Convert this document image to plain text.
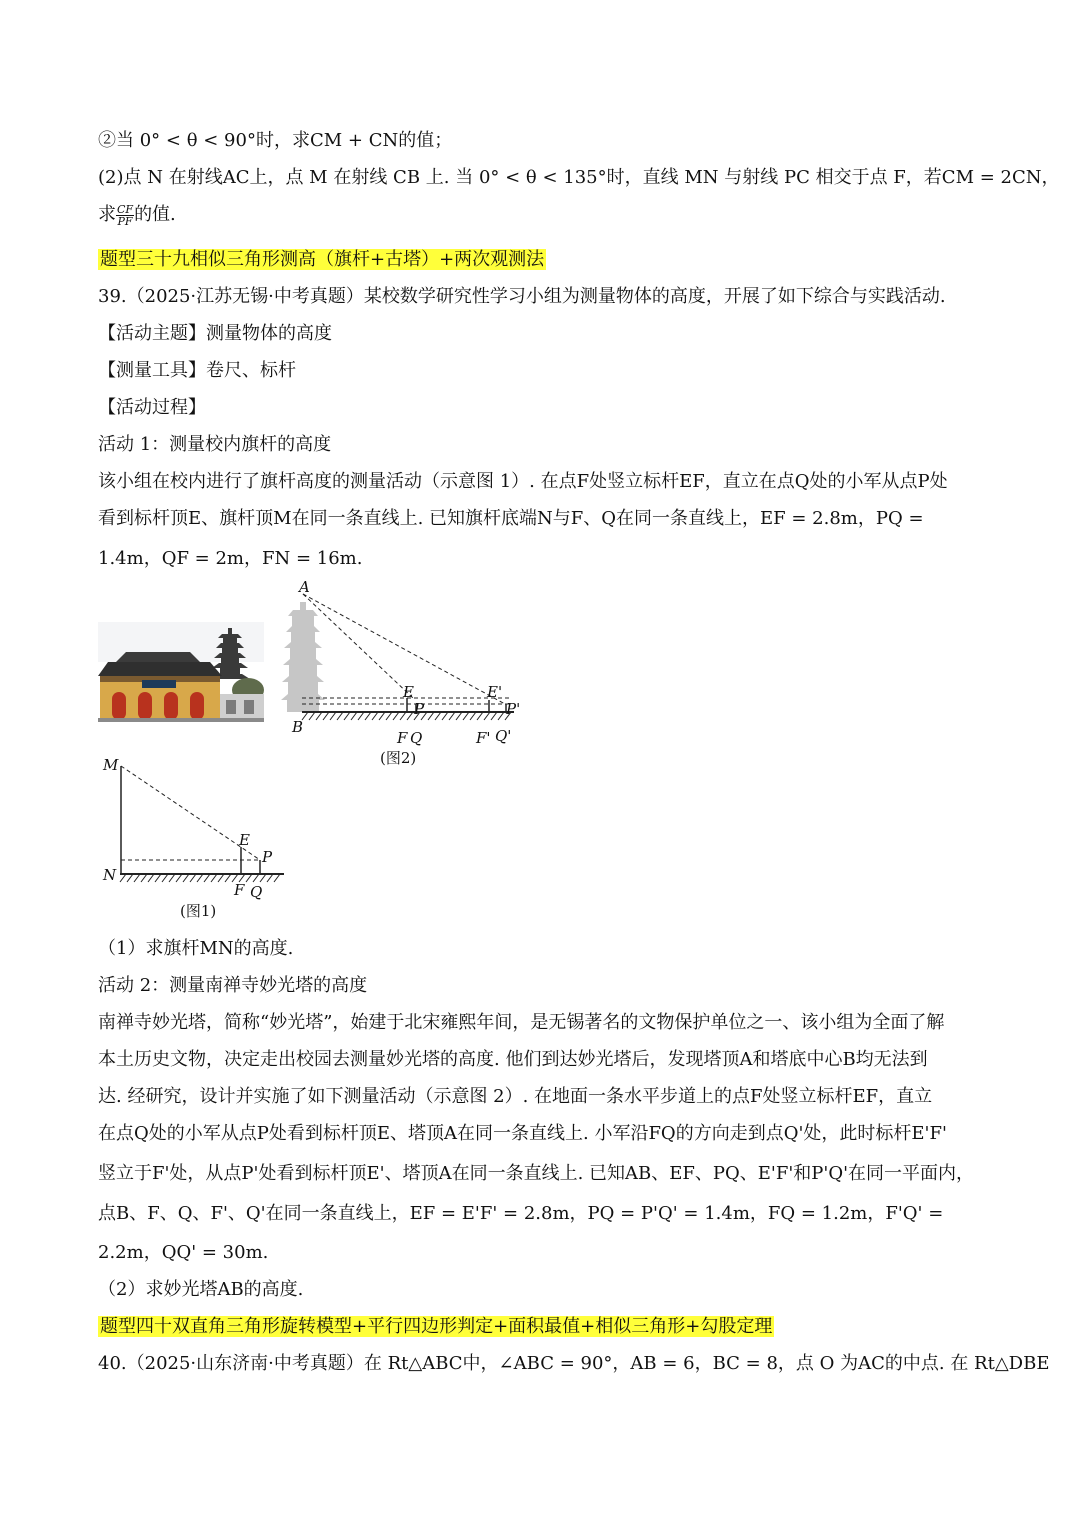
②当 0° < θ < 90°时，求CM + CN的值；
(2)点 N 在射线AC上，点 M 在射线 CB 上. 当 0° < θ < 135°时，直线 MN 与射线 PC 相交于点 F，若CM = 2CN，
求 $\frac{CF}{PF}$ 的值.
题型三十九相似三角形测高（旗杆+古塔）+两次观测法
39.（2025·江苏无锡·中考真题）某校数学研究性学习小组为测量物体的高度，开展了如下综合与实践活动.
【活动主题】测量物体的高度
【测量工具】卷尺、标杆
【活动过程】
活动 1：测量校内旗杆的高度
该小组在校内进行了旗杆高度的测量活动（示意图 1）. 在点F处竖立标杆EF，直立在点Q处的小军从点P处
看到标杆顶E、旗杆顶M在同一条直线上. 已知旗杆底端N与F、Q在同一条直线上，EF = 2.8m，PQ =
1.4m，QF = 2m，FN = 16m.
A
B
E
P
E'
P'
F Q	F' Q'
(图2)
M
N
E
P
F Q
(图1)
（1）求旗杆MN的高度.
活动 2：测量南禅寺妙光塔的高度
南禅寺妙光塔，简称“妙光塔”，始建于北宋雍熙年间，是无锡著名的文物保护单位之一、该小组为全面了解
本土历史文物，决定走出校园去测量妙光塔的高度. 他们到达妙光塔后，发现塔顶A和塔底中心B均无法到
达. 经研究，设计并实施了如下测量活动（示意图 2）. 在地面一条水平步道上的点F处竖立标杆EF，直立
在点Q处的小军从点P处看到标杆顶E、塔顶A在同一条直线上. 小军沿FQ的方向走到点Q'处，此时标杆E'F'
竖立于F'处，从点P'处看到标杆顶E'、塔顶A在同一条直线上. 已知AB、EF、PQ、E'F'和P'Q'在同一平面内，
点B、F、Q、F'、Q'在同一条直线上，EF = E'F' = 2.8m，PQ = P'Q' = 1.4m，FQ = 1.2m，F'Q' =
2.2m，QQ' = 30m.
（2）求妙光塔AB的高度.
题型四十双直角三角形旋转模型+平行四边形判定+面积最值+相似三角形+勾股定理
40.（2025·山东济南·中考真题）在 Rt△ABC中，∠ABC = 90°，AB = 6，BC = 8，点 O 为AC的中点. 在 Rt△DBE
